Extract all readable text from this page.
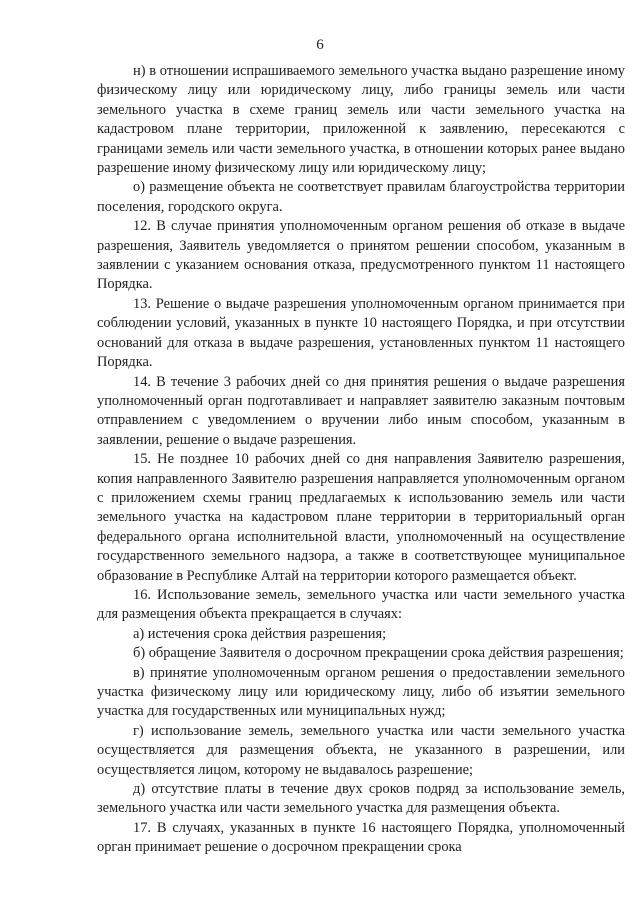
6

н) в отношении испрашиваемого земельного участка выдано разрешение иному физическому лицу или юридическому лицу, либо границы земель или части земельного участка в схеме границ земель или части земельного участка на кадастровом плане территории, приложенной к заявлению, пересекаются с границами земель или части земельного участка, в отношении которых ранее выдано разрешение иному физическому лицу или юридическому лицу;

о) размещение объекта не соответствует правилам благоустройства территории поселения, городского округа.

12. В случае принятия уполномоченным органом решения об отказе в выдаче разрешения, Заявитель уведомляется о принятом решении способом, указанным в заявлении с указанием основания отказа, предусмотренного пунктом 11 настоящего Порядка.

13. Решение о выдаче разрешения уполномоченным органом принимается при соблюдении условий, указанных в пункте 10 настоящего Порядка, и при отсутствии оснований для отказа в выдаче разрешения, установленных пунктом 11 настоящего Порядка.

14. В течение 3 рабочих дней со дня принятия решения о выдаче разрешения уполномоченный орган подготавливает и направляет заявителю заказным почтовым отправлением с уведомлением о вручении либо иным способом, указанным в заявлении, решение о выдаче разрешения.

15. Не позднее 10 рабочих дней со дня направления Заявителю разрешения, копия направленного Заявителю разрешения направляется уполномоченным органом с приложением схемы границ предлагаемых к использованию земель или части земельного участка на кадастровом плане территории в территориальный орган федерального органа исполнительной власти, уполномоченный на осуществление государственного земельного надзора, а также в соответствующее муниципальное образование в Республике Алтай на территории которого размещается объект.

16. Использование земель, земельного участка или части земельного участка для размещения объекта прекращается в случаях:

а) истечения срока действия разрешения;

б) обращение Заявителя о досрочном прекращении срока действия разрешения;

в) принятие уполномоченным органом решения о предоставлении земельного участка физическому лицу или юридическому лицу, либо об изъятии земельного участка для государственных или муниципальных нужд;

г) использование земель, земельного участка или части земельного участка осуществляется для размещения объекта, не указанного в разрешении, или осуществляется лицом, которому не выдавалось разрешение;

д) отсутствие платы в течение двух сроков подряд за использование земель, земельного участка или части земельного участка для размещения объекта.

17. В случаях, указанных в пункте 16 настоящего Порядка, уполномоченный орган принимает решение о досрочном прекращении срока
